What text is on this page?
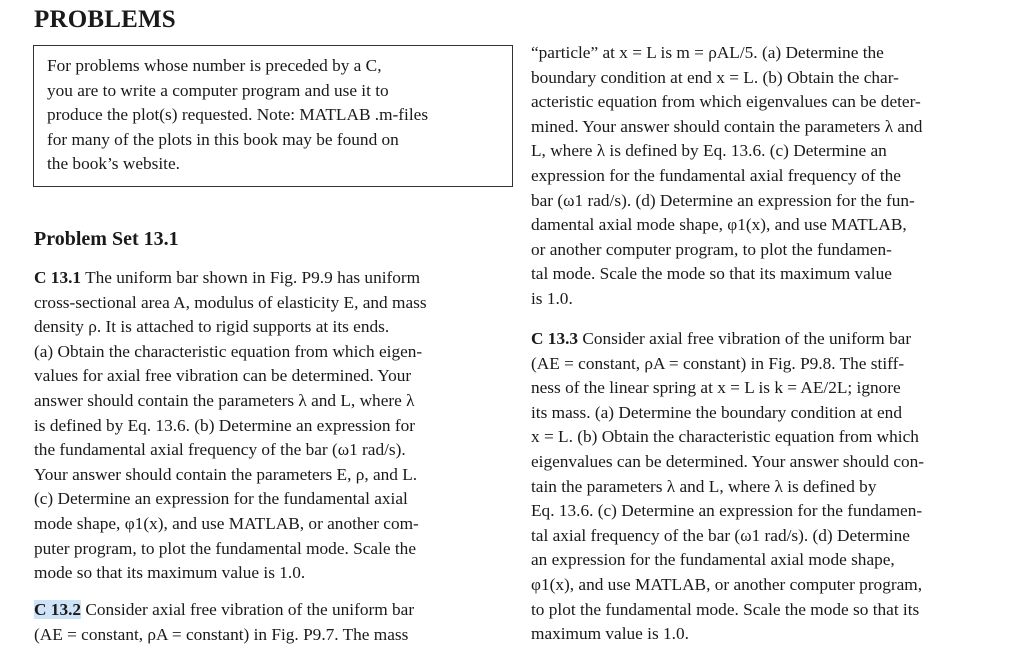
PROBLEMS

For problems whose number is preceded by a C,

you are to write a computer program and use it to

produce the plot(s) requested. Note: MATLAB .m-files

for many of the plots in this book may be found on

the book’s website.

Problem Set 13.1

C 13.1 The uniform bar shown in Fig. P9.9 has uniform

cross-sectional area A, modulus of elasticity E, and mass

density ρ. It is attached to rigid supports at its ends.

(a) Obtain the characteristic equation from which eigen-

values for axial free vibration can be determined. Your

answer should contain the parameters λ and L, where λ

is defined by Eq. 13.6. (b) Determine an expression for

the fundamental axial frequency of the bar (ω1 rad/s).

Your answer should contain the parameters E, ρ, and L.

(c) Determine an expression for the fundamental axial

mode shape, φ1(x), and use MATLAB, or another com-

puter program, to plot the fundamental mode. Scale the

mode so that its maximum value is 1.0.

C 13.2 Consider axial free vibration of the uniform bar

(AE = constant, ρA = constant) in Fig. P9.7. The mass

“particle” at x = L is m = ρAL/5. (a) Determine the

boundary condition at end x = L. (b) Obtain the char-

acteristic equation from which eigenvalues can be deter-

mined. Your answer should contain the parameters λ and

L, where λ is defined by Eq. 13.6. (c) Determine an

expression for the fundamental axial frequency of the

bar (ω1 rad/s). (d) Determine an expression for the fun-

damental axial mode shape, φ1(x), and use MATLAB,

or another computer program, to plot the fundamen-

tal mode. Scale the mode so that its maximum value

is 1.0.

C 13.3 Consider axial free vibration of the uniform bar

(AE = constant, ρA = constant) in Fig. P9.8. The stiff-

ness of the linear spring at x = L is k = AE/2L; ignore

its mass. (a) Determine the boundary condition at end

x = L. (b) Obtain the characteristic equation from which

eigenvalues can be determined. Your answer should con-

tain the parameters λ and L, where λ is defined by

Eq. 13.6. (c) Determine an expression for the fundamen-

tal axial frequency of the bar (ω1 rad/s). (d) Determine

an expression for the fundamental axial mode shape,

φ1(x), and use MATLAB, or another computer program,

to plot the fundamental mode. Scale the mode so that its

maximum value is 1.0.
